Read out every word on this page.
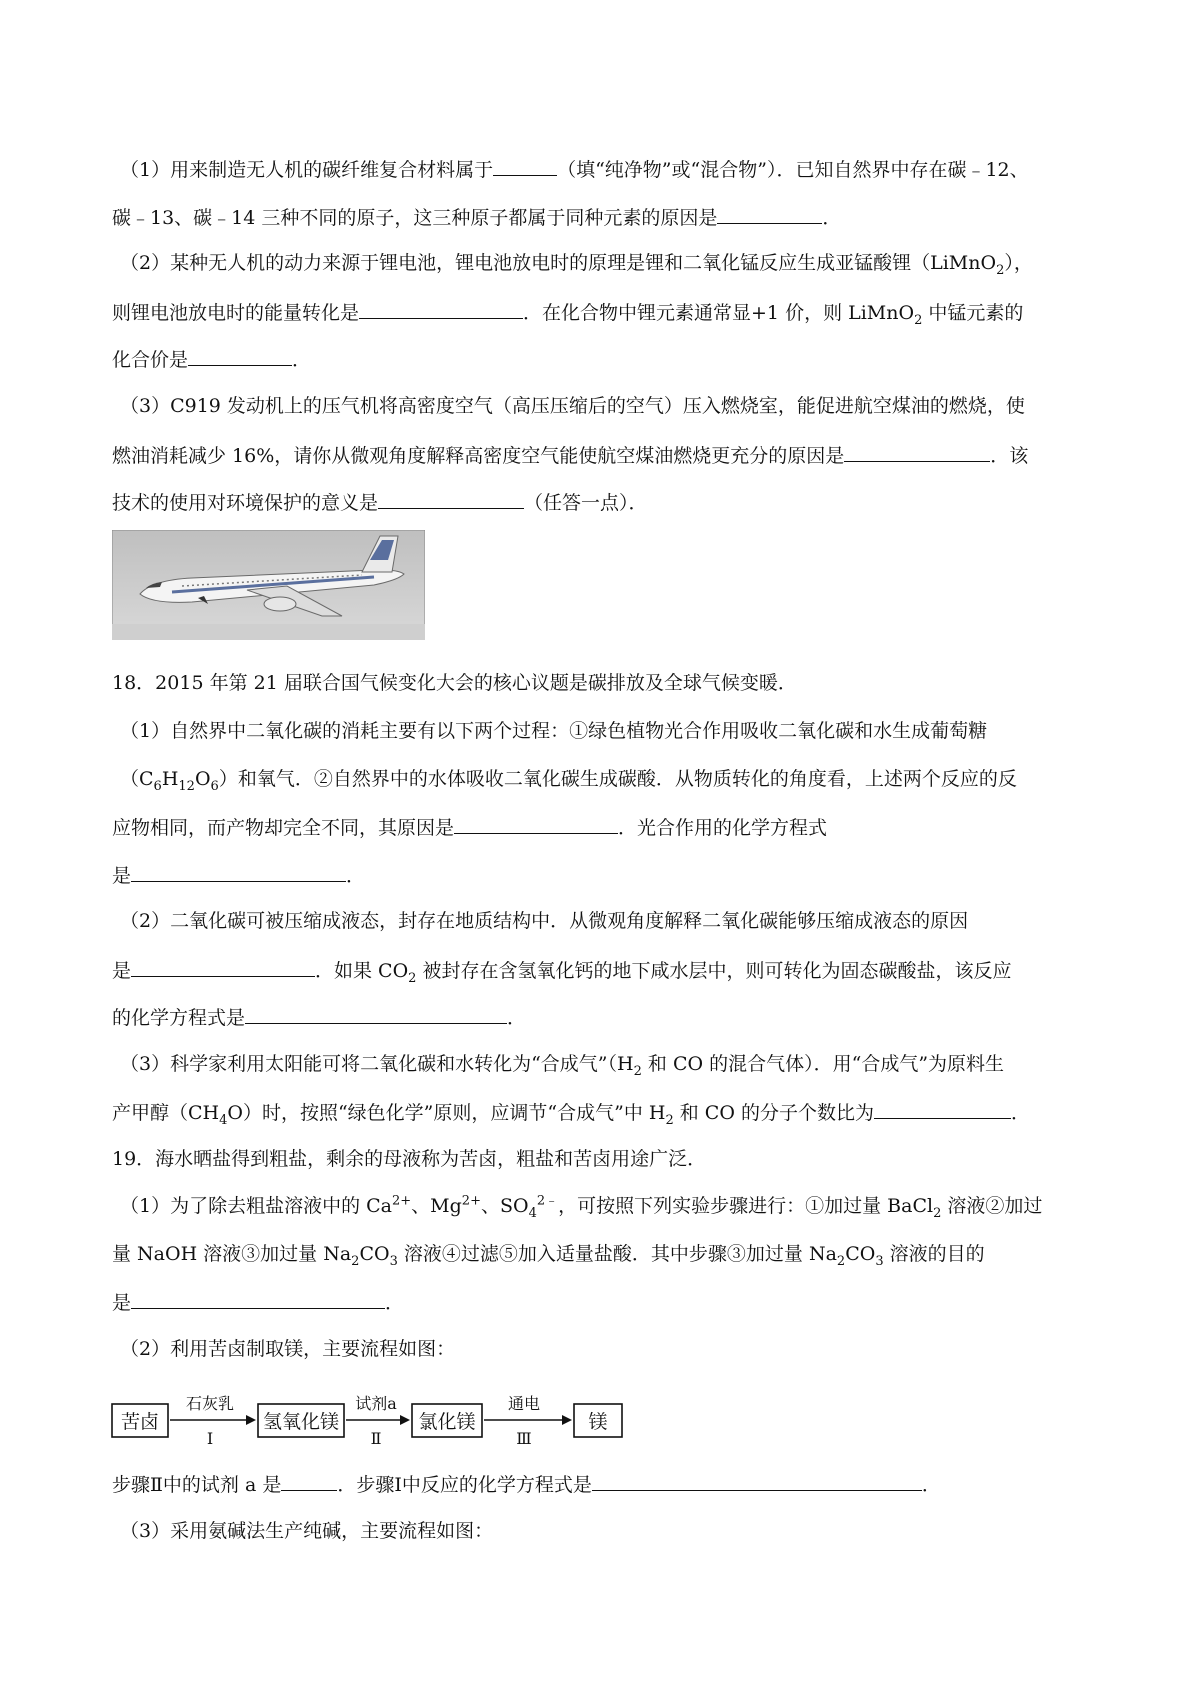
（1）用来制造无人机的碳纤维复合材料属于	（填“纯净物”或“混合物”）．已知自然界中存在碳﹣12、
碳﹣13、碳﹣14 三种不同的原子，这三种原子都属于同种元素的原因是	．
（2）某种无人机的动力来源于锂电池，锂电池放电时的原理是锂和二氧化锰反应生成亚锰酸锂（LiMnO$_2$），
则锂电池放电时的能量转化是	．在化合物中锂元素通常显+1 价，则 LiMnO$_2$ 中锰元素的
化合价是	．
（3）C919 发动机上的压气机将高密度空气（高压压缩后的空气）压入燃烧室，能促进航空煤油的燃烧，使
燃油消耗减少 16%，请你从微观角度解释高密度空气能使航空煤油燃烧更充分的原因是	．该
技术的使用对环境保护的意义是	（任答一点）．
18．2015 年第 21 届联合国气候变化大会的核心议题是碳排放及全球气候变暖．
（1）自然界中二氧化碳的消耗主要有以下两个过程：①绿色植物光合作用吸收二氧化碳和水生成葡萄糖
$(C_6H_{12}O_6)$和氧气．②自然界中的水体吸收二氧化碳生成碳酸．从物质转化的角度看，上述两个反应的反
应物相同，而产物却完全不同，其原因是	．光合作用的化学方程式
是	．
（2）二氧化碳可被压缩成液态，封存在地质结构中．从微观角度解释二氧化碳能够压缩成液态的原因
是	．如果 $CO_2$ 被封存在含氢氧化钙的地下咸水层中，则可转化为固态碳酸盐，该反应
的化学方程式是	．
（3）科学家利用太阳能可将二氧化碳和水转化为“合成气$”(H_2$ 和 CO 的混合气体）．用“合成气”为原料生
产甲醇$(CH_4O)$时，按照“绿色化学”原则，应调节“合成气”中 $H_2$ 和 CO 的分子个数比为	．
19．海水晒盐得到粗盐，剩余的母液称为苦卤，粗盐和苦卤用途广泛．
（1）为了除去粗盐溶液中的 $Ca^{2+}$、$Mg^{2+}$、$SO_4^{2﹣}$，可按照下列实验步骤进行：①加过量 BaCl$_2$ 溶液②加过
量 NaOH 溶液③加过量 $Na_2CO_3$ 溶液④过滤⑤加入适量盐酸．其中步骤③加过量 $Na_2CO_3$ 溶液的目的
是	．
（2）利用苦卤制取镁，主要流程如图：
苦卤
石灰乳
Ⅰ
氢氧化镁
试剂a
Ⅱ
氯化镁
通电
Ⅲ
镁
步骤Ⅱ中的试剂 a 是	．步骤Ⅰ中反应的化学方程式是	．
（3）采用氨碱法生产纯碱，主要流程如图：
